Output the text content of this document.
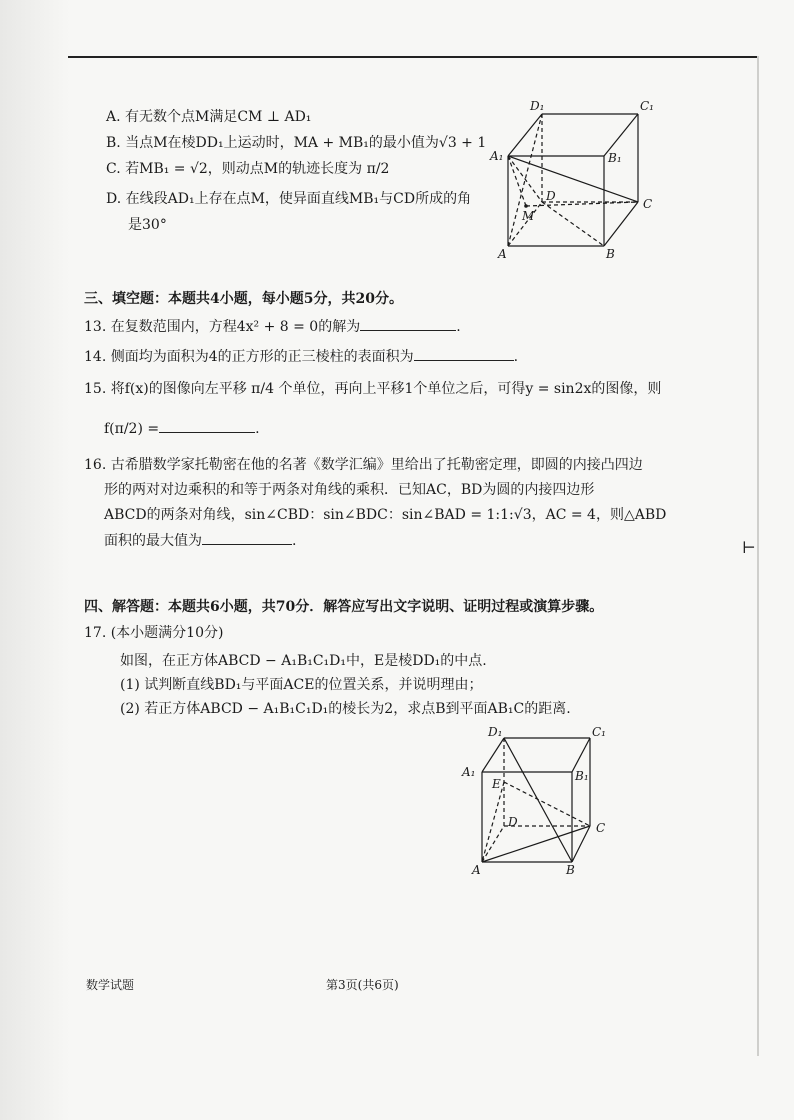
A. 有无数个点M满足CM ⊥ AD₁
B. 当点M在棱DD₁上运动时，MA + MB₁的最小值为√3 + 1
C. 若MB₁ = √2，则动点M的轨迹长度为 π/2
D. 在线段AD₁上存在点M，使异面直线MB₁与CD所成的角
是30°
D₁	C₁
A₁	B₁
D
C
A	B
M
三、填空题：本题共4小题，每小题5分，共20分。
13. 在复数范围内，方程4x² + 8 = 0的解为	.
14. 侧面均为面积为4的正方形的正三棱柱的表面积为	.
15. 将f(x)的图像向左平移 π/4 个单位，再向上平移1个单位之后，可得y = sin2x的图像，则
f(π/2) =	.
16. 古希腊数学家托勒密在他的名著《数学汇编》里给出了托勒密定理，即圆的内接凸四边
形的两对对边乘积的和等于两条对角线的乘积．已知AC，BD为圆的内接四边形
ABCD的两条对角线，sin∠CBD：sin∠BDC：sin∠BAD = 1:1:√3，AC = 4，则△ABD
面积的最大值为	.	⊢
四、解答题：本题共6小题，共70分．解答应写出文字说明、证明过程或演算步骤。
17. (本小题满分10分)
如图，在正方体ABCD − A₁B₁C₁D₁中，E是棱DD₁的中点.
(1) 试判断直线BD₁与平面ACE的位置关系，并说明理由；
(2) 若正方体ABCD − A₁B₁C₁D₁的棱长为2，求点B到平面AB₁C的距离.
D₁	C₁
A₁	B₁
E
D	C
A	B
数学试题	第3页(共6页)
